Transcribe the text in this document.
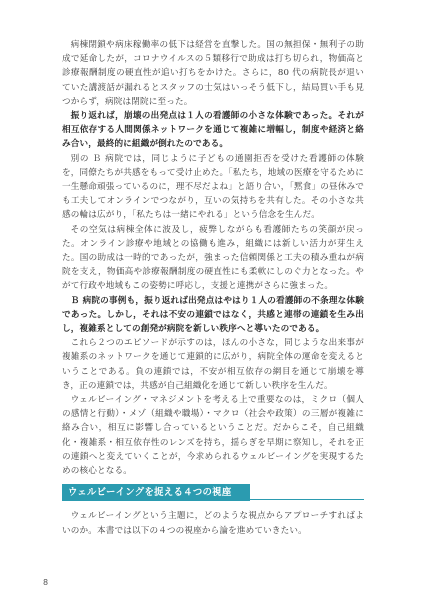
病棟閉鎖や病床稼働率の低下は経営を直撃した。国の無担保・無利子の助成で延命したが，コロナウイルスの５類移行で助成は打ち切られ，物価高と診療報酬制度の硬直性が追い打ちをかけた。さらに，80 代の病院長が退いていた講渡話が漏れるとスタッフの士気はいっそう低下し，結局買い手も見つからず，病院は閉院に至った。

振り返れば，崩壊の出発点は１人の看護師の小さな体験であった。それが相互依存する人間関係ネットワークを通じて複雑に増幅し，制度や経済と絡み合い，最終的に組織が倒れたのである。

別の Ｂ 病院では，同じように子どもの通園拒否を受けた看護師の体験を，同僚たちが共感をもって受け止めた。「私たち，地域の医療を守るために一生懸命頑張っているのに，理不尽だよね」と語り合い，「黙食」の昼休みでも工夫してオンラインでつながり，互いの気持ちを共有した。その小さな共感の輪は広がり，「私たちは一緒にやれる」という信念を生んだ。

その空気は病棟全体に波及し，疲弊しながらも看護師たちの笑顔が戻った。オンライン診療や地域との協働も進み，組織には新しい活力が芽生えた。国の助成は一時的であったが，強まった信頼関係と工夫の積み重ねが病院を支え，物価高や診療報酬制度の硬直性にも柔軟にしのぐ力となった。やがて行政や地域もこの姿勢に呼応し，支援と連携がさらに強まった。

Ｂ 病院の事例も，振り返れば出発点はやはり１人の看護師の不条理な体験であった。しかし，それは不安の連鎖ではなく，共感と連帯の連鎖を生み出し，複雑系としての創発が病院を新しい秩序へと導いたのである。

これら２つのエピソードが示すのは，ほんの小さな，同じような出来事が複雑系のネットワークを通じて連鎖的に広がり，病院全体の運命を変えるということである。負の連鎖では，不安が相互依存の網目を通じて崩壊を導き，正の連鎖では，共感が自己組織化を通じて新しい秩序を生んだ。

ウェルビーイング・マネジメントを考える上で重要なのは，ミクロ（個人の感情と行動）・メゾ（組織や職場）・マクロ（社会や政策）の三層が複雑に絡み合い，相互に影響し合っているということだ。だからこそ，自己組織化・複雑系・相互依存性のレンズを持ち，揺らぎを早期に察知し，それを正の連鎖へと変えていくことが，今求められるウェルビーイングを実現するための核心となる。

ウェルビーイングを捉える４つの視座

ウェルビーイングという主題に，どのような視点からアプローチすればよいのか。本書では以下の４つの視座から論を進めていきたい。

8
